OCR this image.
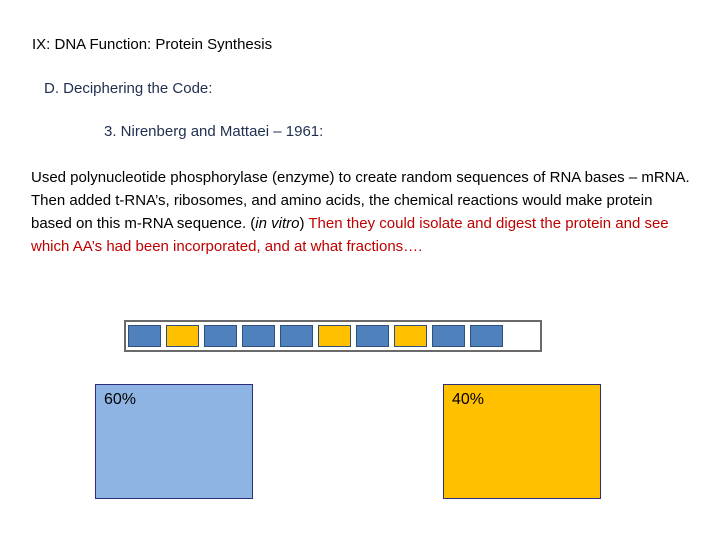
IX: DNA Function: Protein Synthesis
D. Deciphering the Code:
3. Nirenberg and Mattaei – 1961:
Used polynucleotide phosphorylase (enzyme) to create random sequences of RNA bases – mRNA. Then added t-RNA’s, ribosomes, and amino acids, the chemical reactions would make protein based on this m-RNA sequence. (in vitro) Then they could isolate and digest the protein and see which AA’s had been incorporated, and at what fractions….
60%	40%
